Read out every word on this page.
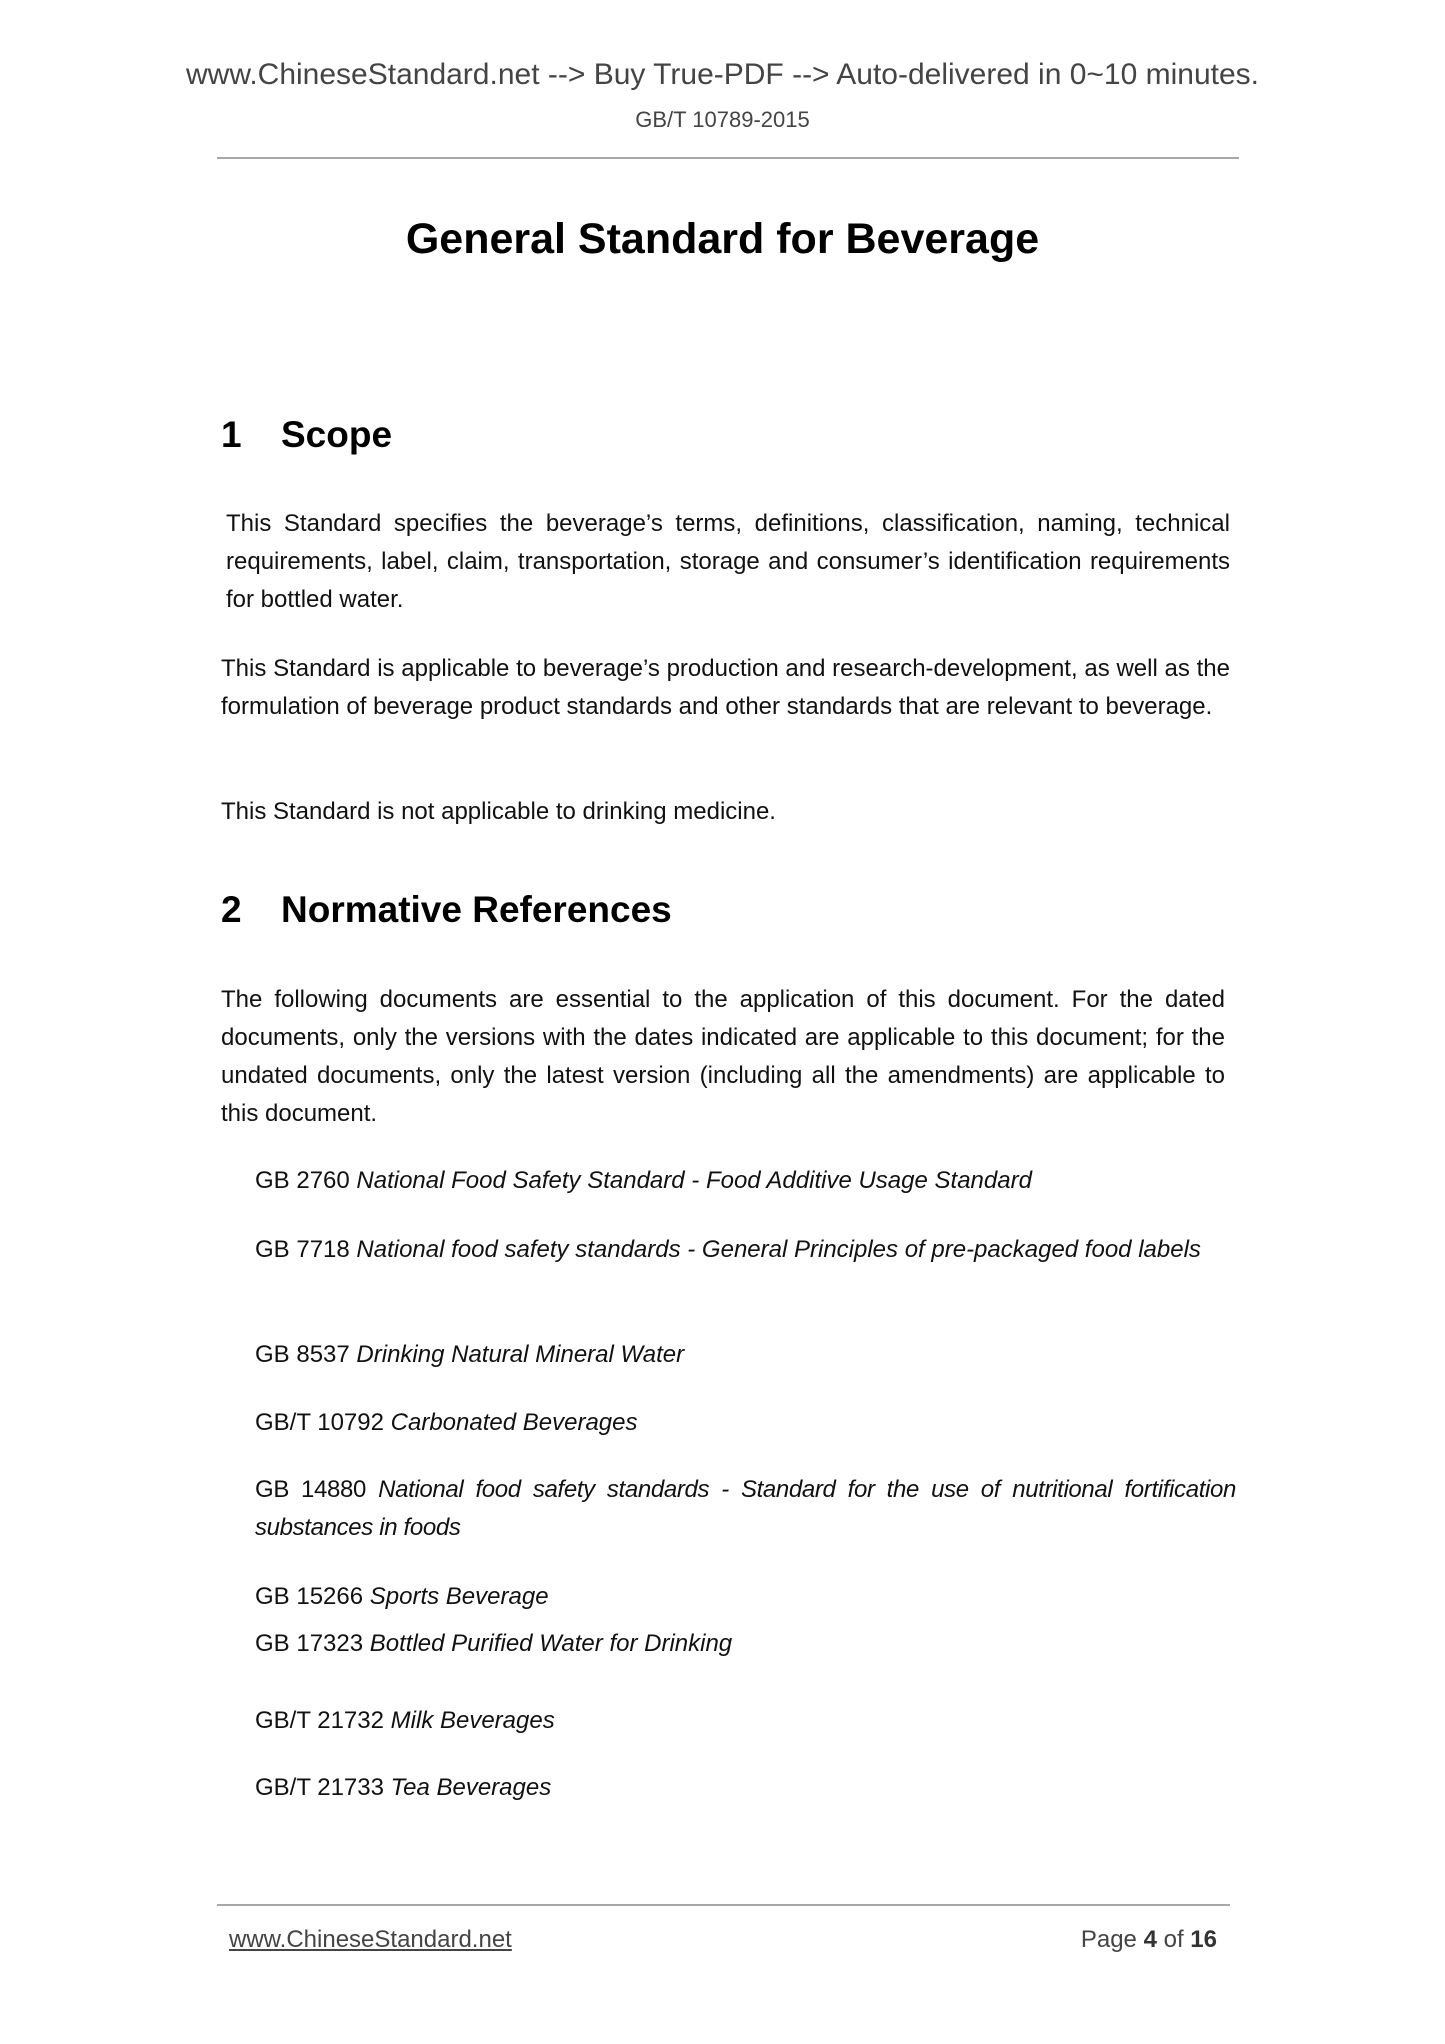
www.ChineseStandard.net --> Buy True-PDF --> Auto-delivered in 0~10 minutes.
GB/T 10789-2015
General Standard for Beverage
1 Scope
This Standard specifies the beverage’s terms, definitions, classification, naming, technical requirements, label, claim, transportation, storage and consumer’s identification requirements for bottled water.
This Standard is applicable to beverage’s production and research-development, as well as the formulation of beverage product standards and other standards that are relevant to beverage.
This Standard is not applicable to drinking medicine.
2 Normative References
The following documents are essential to the application of this document. For the dated documents, only the versions with the dates indicated are applicable to this document; for the undated documents, only the latest version (including all the amendments) are applicable to this document.
GB 2760 National Food Safety Standard - Food Additive Usage Standard
GB 7718 National food safety standards - General Principles of pre-packaged food labels
GB 8537 Drinking Natural Mineral Water
GB/T 10792 Carbonated Beverages
GB 14880 National food safety standards - Standard for the use of nutritional fortification substances in foods
GB 15266 Sports Beverage
GB 17323 Bottled Purified Water for Drinking
GB/T 21732 Milk Beverages
GB/T 21733 Tea Beverages
www.ChineseStandard.net	Page 4 of 16
